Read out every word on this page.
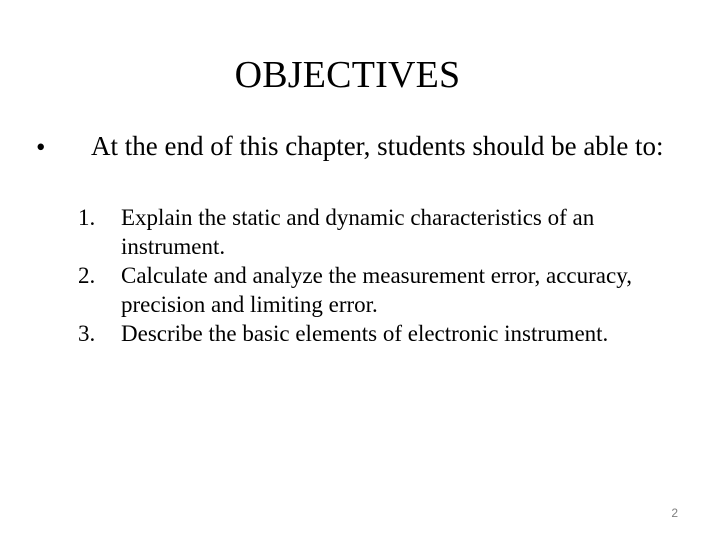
OBJECTIVES
• At the end of this chapter, students should be able to:
1. Explain the static and dynamic characteristics of an instrument.
2. Calculate and analyze the measurement error, accuracy, precision and limiting error.
3. Describe the basic elements of electronic instrument.
2
